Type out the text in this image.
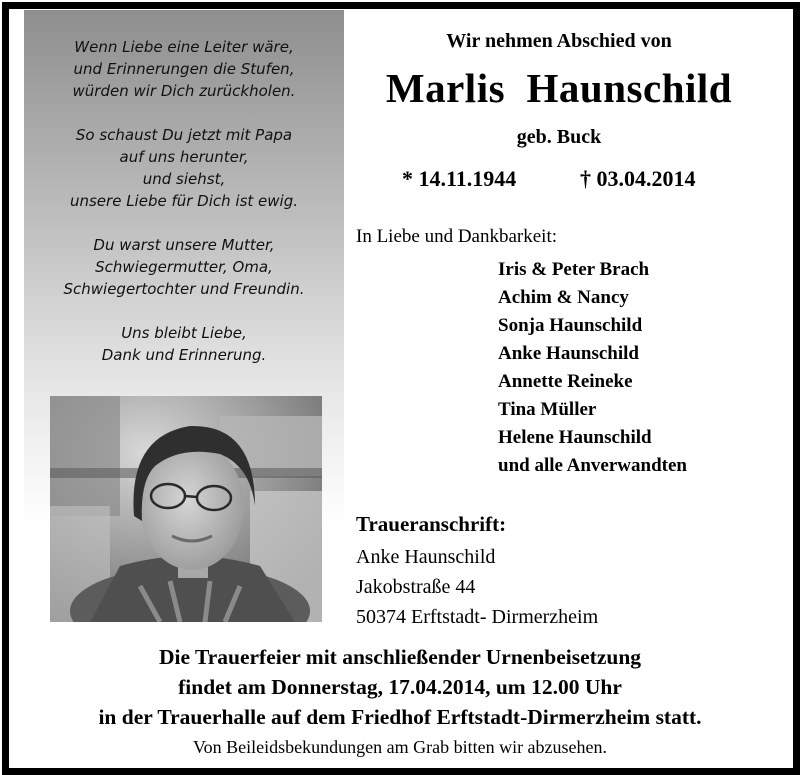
Wenn Liebe eine Leiter wäre,
und Erinnerungen die Stufen,
würden wir Dich zurückholen.
So schaust Du jetzt mit Papa
auf uns herunter,
und siehst,
unsere Liebe für Dich ist ewig.
Du warst unsere Mutter,
Schwiegermutter, Oma,
Schwiegertochter und Freundin.
Uns bleibt Liebe,
Dank und Erinnerung.
Wir nehmen Abschied von
Marlis  Haunschild
geb. Buck
* 14.11.1944	† 03.04.2014
In Liebe und Dankbarkeit:
Iris & Peter Brach
Achim & Nancy
Sonja Haunschild
Anke Haunschild
Annette Reineke
Tina Müller
Helene Haunschild
und alle Anverwandten
Traueranschrift:
Anke Haunschild
Jakobstraße 44
50374 Erftstadt- Dirmerzheim
Die Trauerfeier mit anschließender Urnenbeisetzung
findet am Donnerstag, 17.04.2014, um 12.00 Uhr
in der Trauerhalle auf dem Friedhof Erftstadt-Dirmerzheim statt.
Von Beileidsbekundungen am Grab bitten wir abzusehen.
